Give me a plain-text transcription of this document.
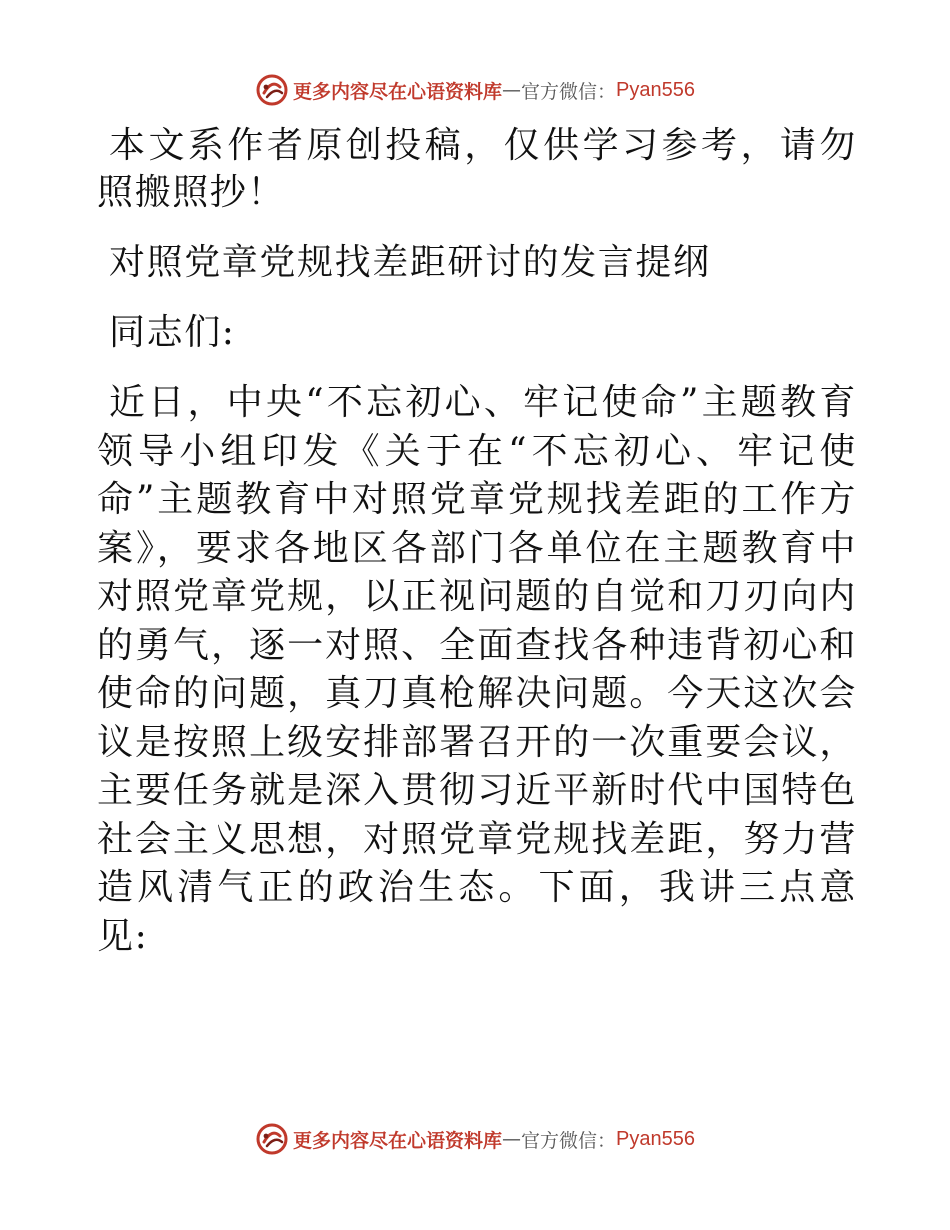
更多内容尽在心语资料库 — 官方微信： Pyan556

本文系作者原创投稿，仅供学习参考，请勿照搬照抄！

对照党章党规找差距研讨的发言提纲

同志们:

近日，中央“不忘初心、牢记使命”主题教育领导小组印发《关于在“不忘初心、牢记使命”主题教育中对照党章党规找差距的工作方案》，要求各地区各部门各单位在主题教育中对照党章党规，以正视问题的自觉和刀刃向内的勇气，逐一对照、全面查找各种违背初心和使命的问题，真刀真枪解决问题。今天这次会议是按照上级安排部署召开的一次重要会议，主要任务就是深入贯彻习近平新时代中国特色社会主义思想，对照党章党规找差距，努力营造风清气正的政治生态。下面，我讲三点意见:

更多内容尽在心语资料库 — 官方微信： Pyan556
